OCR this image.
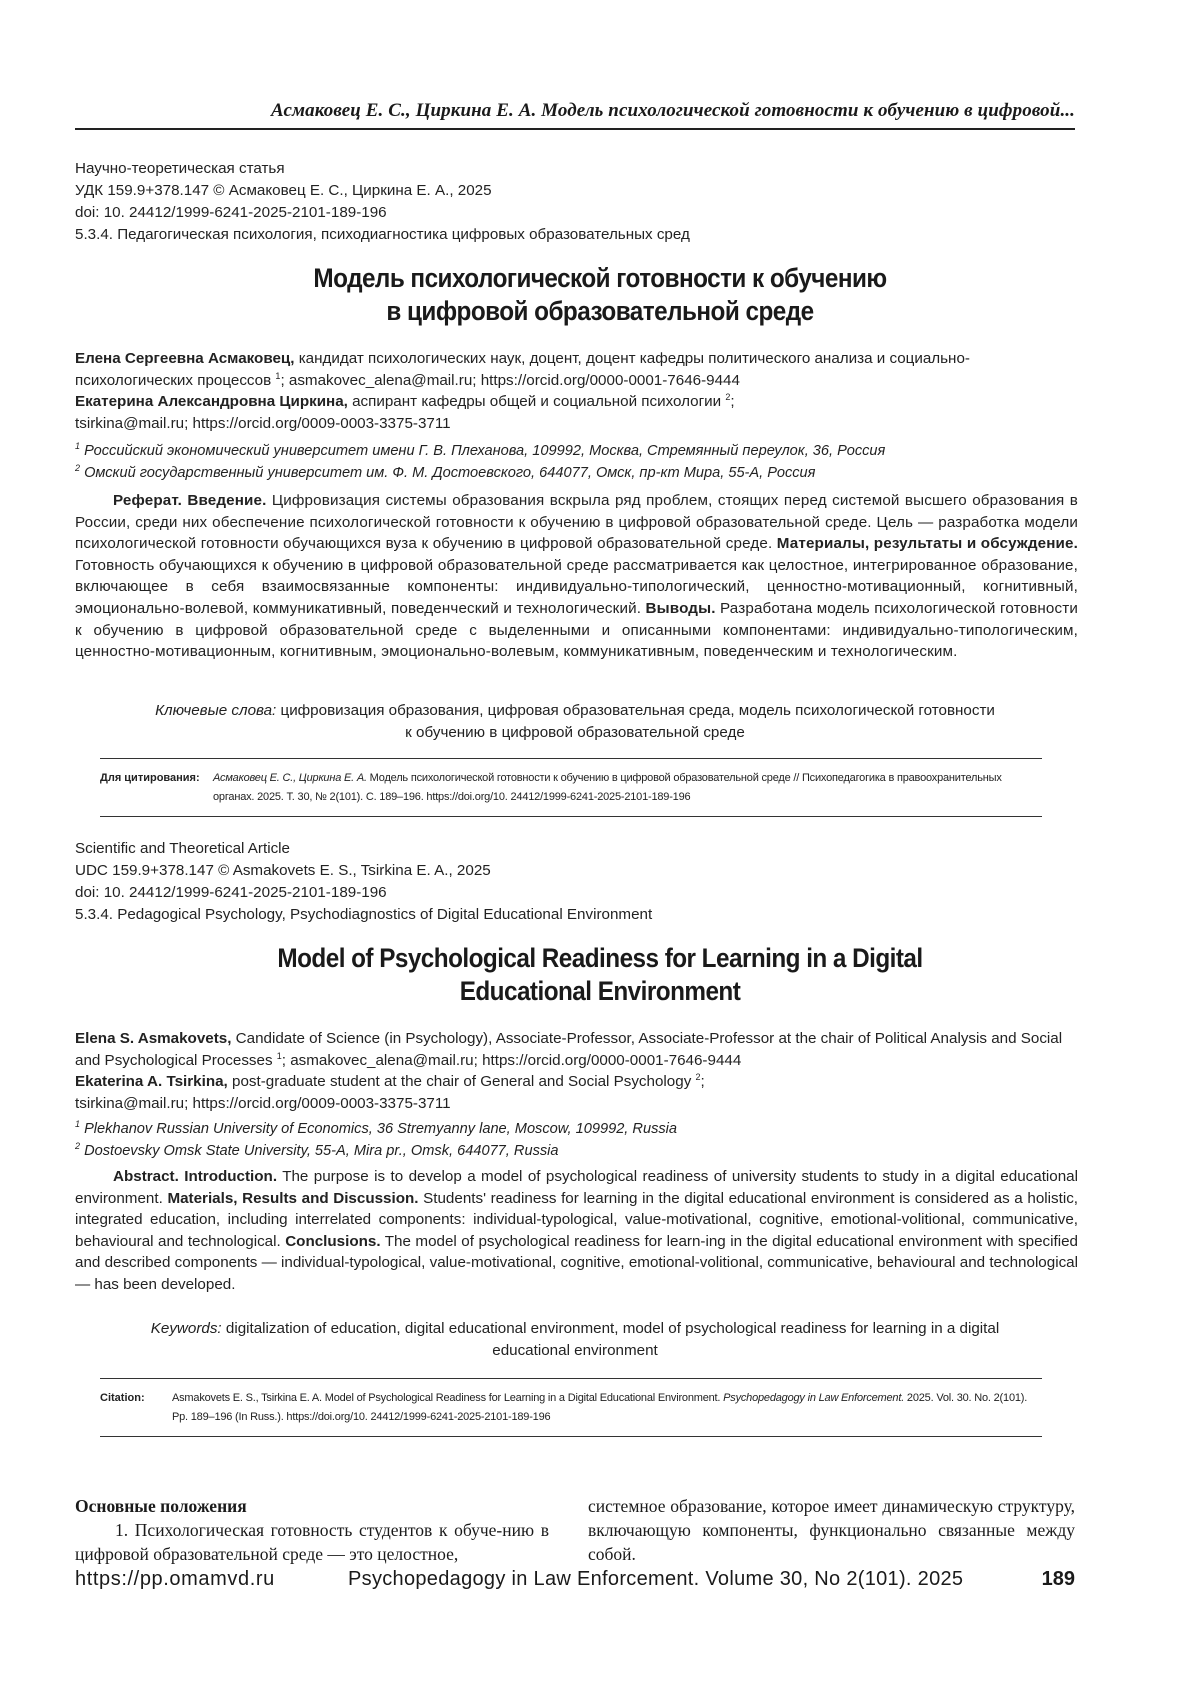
Асмаковец Е. С., Циркина Е. А. Модель психологической готовности к обучению в цифровой...
Научно-теоретическая статья
УДК 159.9+378.147 © Асмаковец Е. С., Циркина Е. А., 2025
doi: 10. 24412/1999-6241-2025-2101-189-196
5.3.4. Педагогическая психология, психодиагностика цифровых образовательных сред
Модель психологической готовности к обучению
в цифровой образовательной среде
Елена Сергеевна Асмаковец, кандидат психологических наук, доцент, доцент кафедры политического анализа и социально-психологических процессов $^1$; asmakovec_alena@mail.ru; https://orcid.org/0000-0001-7646-9444
Екатерина Александровна Циркина, аспирант кафедры общей и социальной психологии $^2$;
tsirkina@mail.ru; https://orcid.org/0009-0003-3375-3711
$^1$ Российский экономический университет имени Г. В. Плеханова, 109992, Москва, Стремянный переулок, 36, Россия
$^2$ Омский государственный университет им. Ф. М. Достоевского, 644077, Омск, пр-кт Мира, 55-А, Россия
Реферат. Введение. Цифровизация системы образования вскрыла ряд проблем, стоящих перед системой высшего образования в России, среди них обеспечение психологической готовности к обучению в цифровой образовательной среде. Цель — разработка модели психологической готовности обучающихся вуза к обучению в цифровой образовательной среде. Материалы, результаты и обсуждение. Готовность обучающихся к обучению в цифровой образовательной среде рассматривается как целостное, интегрированное образование, включающее в себя взаимосвязанные компоненты: индивидуально-типологический, ценностно-мотивационный, когнитивный, эмоционально-волевой, коммуникативный, поведенческий и технологический. Выводы. Разработана модель психологической готовности к обучению в цифровой образовательной среде с выделенными и описанными компонентами: индивидуально-типологическим, ценностно-мотивационным, когнитивным, эмоционально-волевым, коммуникативным, поведенческим и технологическим.
Ключевые слова: цифровизация образования, цифровая образовательная среда, модель психологической готовности
к обучению в цифровой образовательной среде
Для цитирования: Асмаковец Е. С., Циркина Е. А. Модель психологической готовности к обучению в цифровой образовательной среде // Психопедагогика в правоохранительных органах. 2025. Т. 30, № 2(101). С. 189–196. https://doi.org/10. 24412/1999-6241-2025-2101-189-196
Scientific and Theoretical Article
UDC 159.9+378.147 © Asmakovets E. S., Tsirkina E. A., 2025
doi: 10. 24412/1999-6241-2025-2101-189-196
5.3.4. Pedagogical Psychology, Psychodiagnostics of Digital Educational Environment
Model of Psychological Readiness for Learning in a Digital
Educational Environment
Elena S. Asmakovets, Candidate of Science (in Psychology), Associate-Professor, Associate-Professor at the chair of Political Analysis and Social and Psychological Processes $^1$; asmakovec_alena@mail.ru; https://orcid.org/0000-0001-7646-9444
Ekaterina A. Tsirkina, post-graduate student at the chair of General and Social Psychology $^2$;
tsirkina@mail.ru; https://orcid.org/0009-0003-3375-3711
$^1$ Plekhanov Russian University of Economics, 36 Stremyanny lane, Moscow, 109992, Russia
$^2$ Dostoevsky Omsk State University, 55-A, Mira pr., Omsk, 644077, Russia
Abstract. Introduction. The purpose is to develop a model of psychological readiness of university students to study in a digital educational environment. Materials, Results and Discussion. Students' readiness for learning in the digital educational environment is considered as a holistic, integrated education, including interrelated components: individual-typological, value-motivational, cognitive, emotional-volitional, communicative, behavioural and technological. Conclusions. The model of psychological readiness for learn-ing in the digital educational environment with specified and described components — individual-typological, value-motivational, cognitive, emotional-volitional, communicative, behavioural and technological — has been developed.
Keywords: digitalization of education, digital educational environment, model of psychological readiness for learning in a digital
educational environment
Citation: Asmakovets E. S., Tsirkina E. A. Model of Psychological Readiness for Learning in a Digital Educational Environment. Psychopedagogy in Law Enforcement. 2025. Vol. 30. No. 2(101). Pp. 189–196 (In Russ.). https://doi.org/10. 24412/1999-6241-2025-2101-189-196
Основные положения
1. Психологическая готовность студентов к обуче-нию в цифровой образовательной среде — это целостное,
системное образование, которое имеет динамическую структуру, включающую компоненты, функционально связанные между собой.
https://pp.omamvd.ru	Psychopedagogy in Law Enforcement. Volume 30, No 2(101). 2025	189
